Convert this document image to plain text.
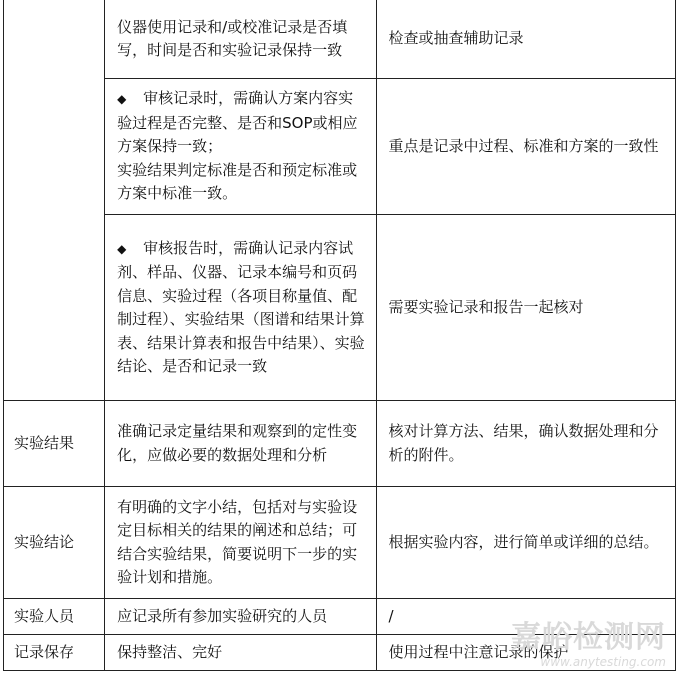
	仪器使用记录和/或校准记录是否填写，时间是否和实验记录保持一致	检查或抽查辅助记录
	◆ 审核记录时，需确认方案内容实验过程是否完整、是否和SOP或相应方案保持一致；
实验结果判定标准是否和预定标准或方案中标准一致。	重点是记录中过程、标准和方案的一致性
	◆ 审核报告时，需确认记录内容试剂、样品、仪器、记录本编号和页码信息、实验过程（各项目称量值、配制过程）、实验结果（图谱和结果计算表、结果计算表和报告中结果）、实验结论、是否和记录一致	需要实验记录和报告一起核对
实验结果	准确记录定量结果和观察到的定性变化，应做必要的数据处理和分析	核对计算方法、结果，确认数据处理和分析的附件。
实验结论	有明确的文字小结，包括对与实验设定目标相关的结果的阐述和总结；可结合实验结果，简要说明下一步的实验计划和措施。	根据实验内容，进行简单或详细的总结。
实验人员	应记录所有参加实验研究的人员	/
记录保存	保持整洁、完好	使用过程中注意记录的保护
嘉峪检测网
www.anytesting.com
